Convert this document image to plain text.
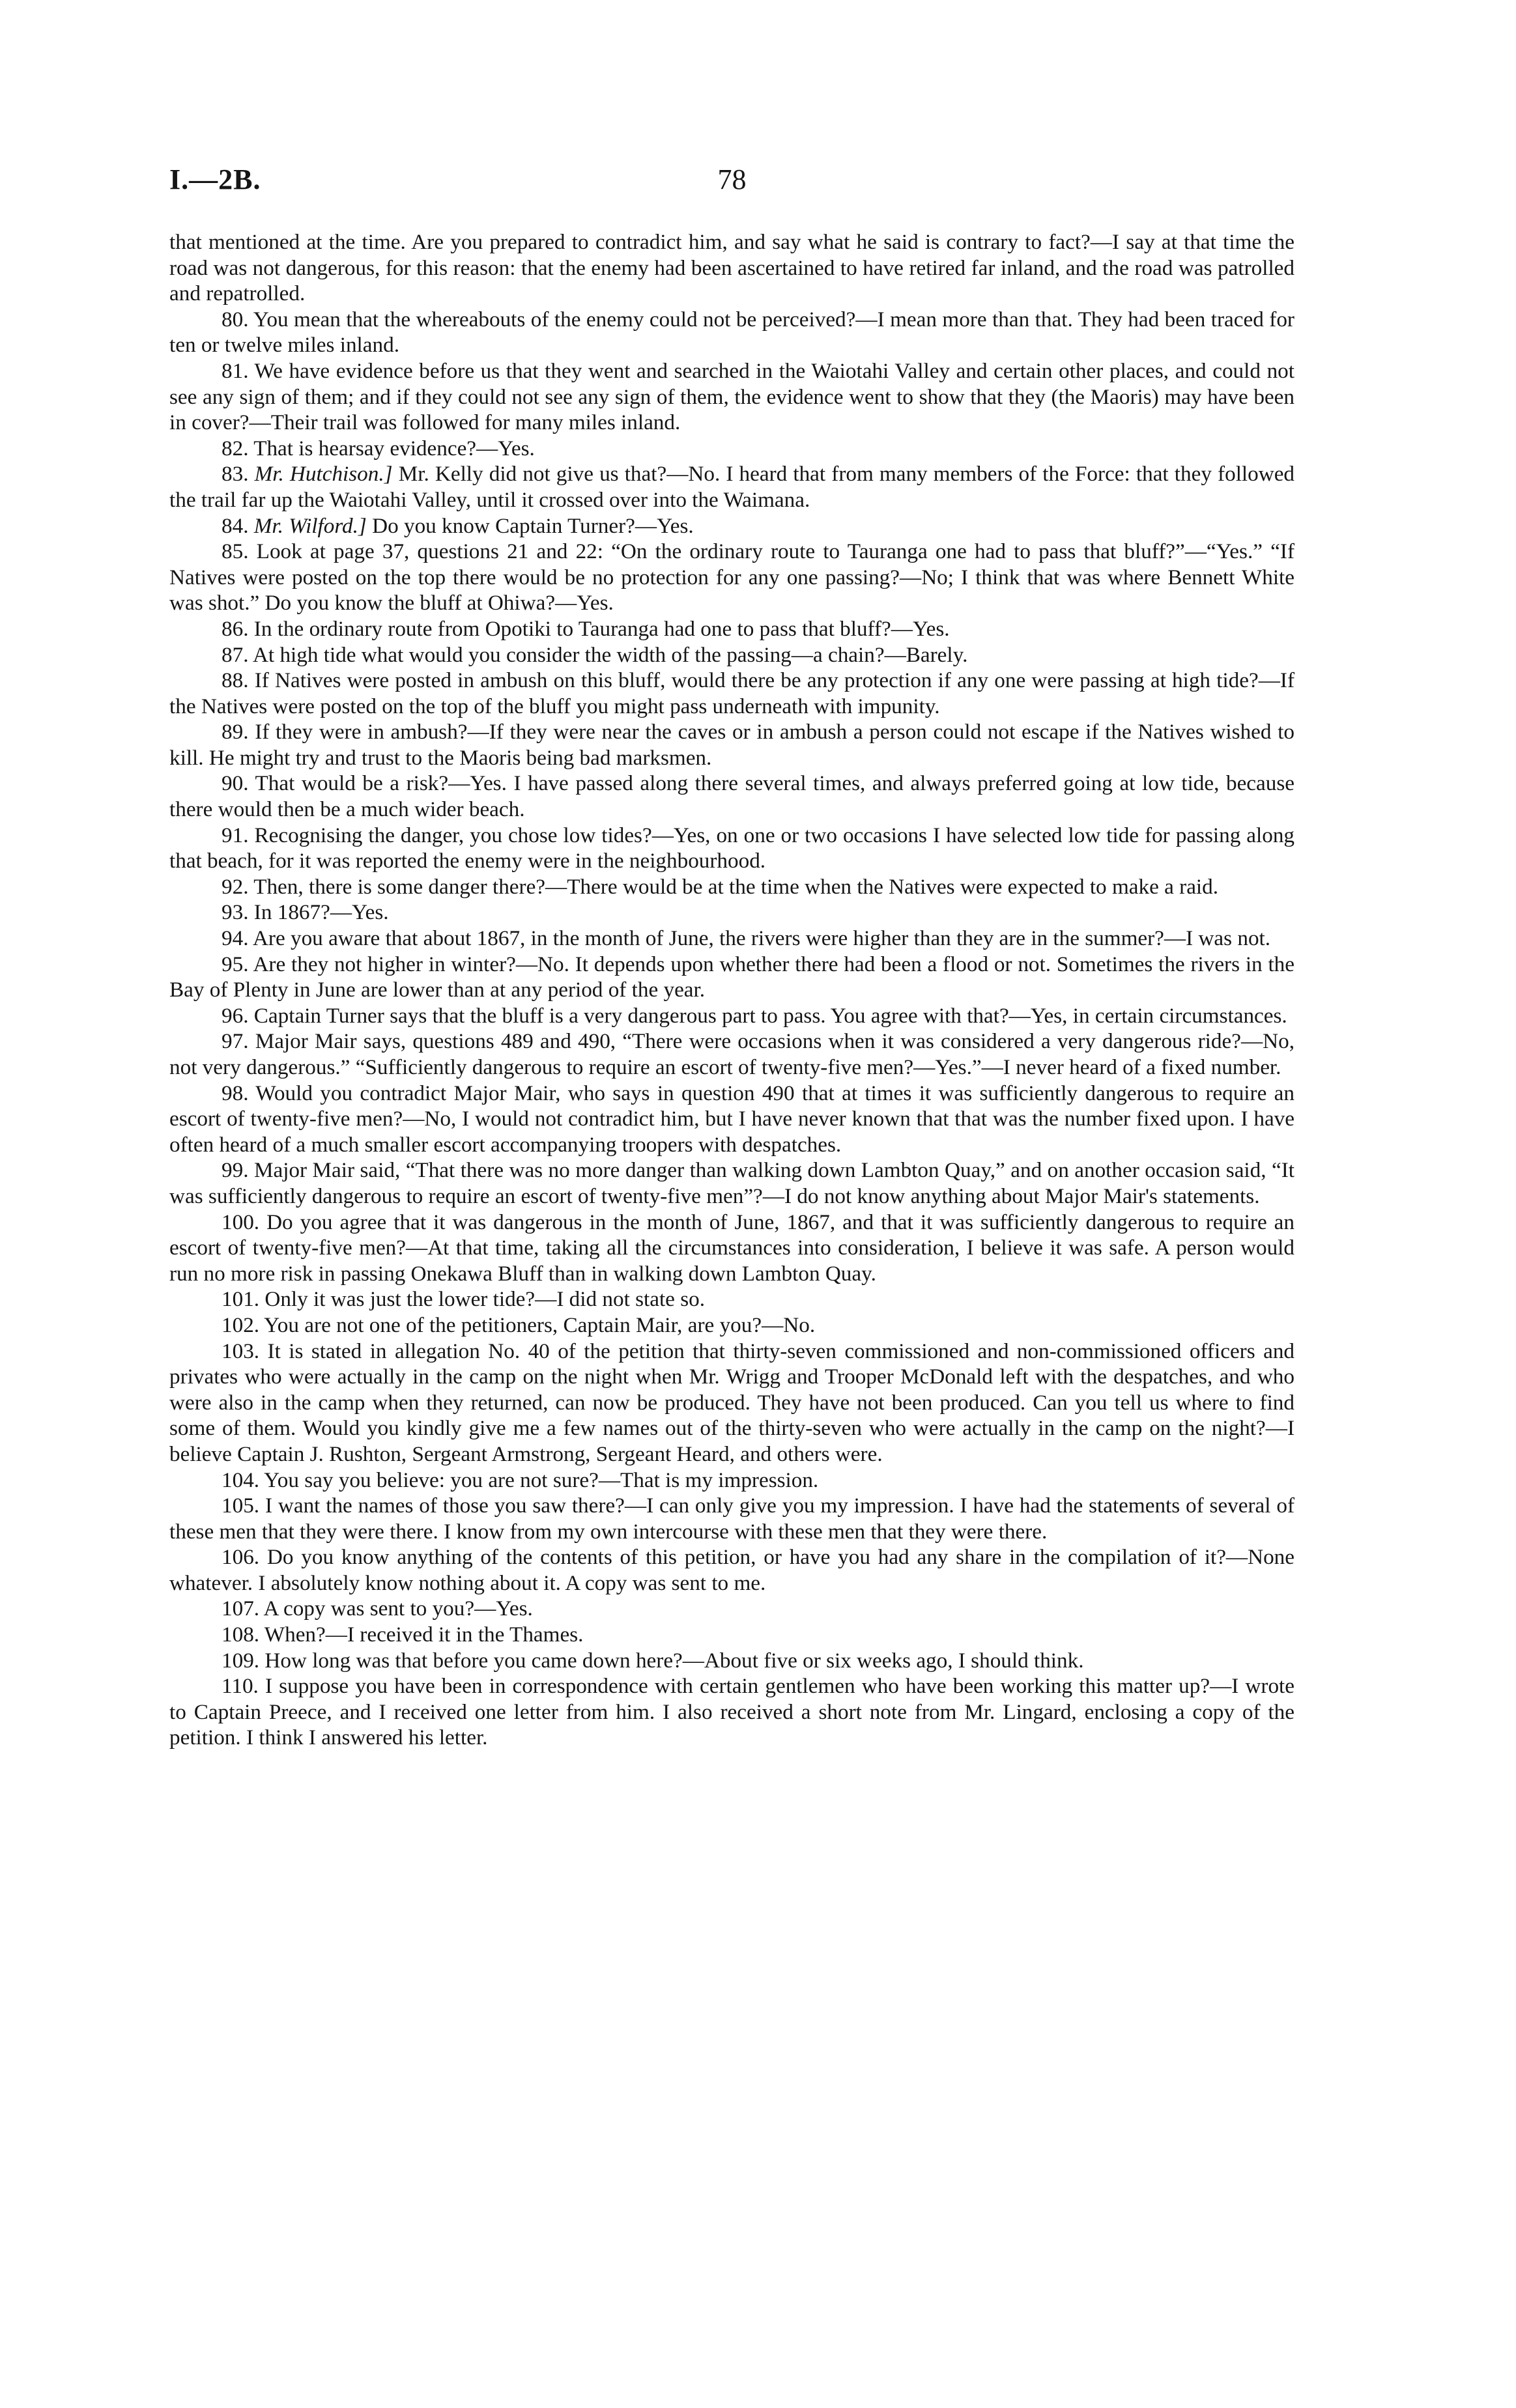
I.—2B.	78

that mentioned at the time. Are you prepared to contradict him, and say what he said is contrary to fact?—I say at that time the road was not dangerous, for this reason: that the enemy had been ascertained to have retired far inland, and the road was patrolled and repatrolled.

80. You mean that the whereabouts of the enemy could not be perceived?—I mean more than that. They had been traced for ten or twelve miles inland.

81. We have evidence before us that they went and searched in the Waiotahi Valley and certain other places, and could not see any sign of them; and if they could not see any sign of them, the evidence went to show that they (the Maoris) may have been in cover?—Their trail was followed for many miles inland.

82. That is hearsay evidence?—Yes.

83. Mr. Hutchison.] Mr. Kelly did not give us that?—No. I heard that from many members of the Force: that they followed the trail far up the Waiotahi Valley, until it crossed over into the Waimana.

84. Mr. Wilford.] Do you know Captain Turner?—Yes.

85. Look at page 37, questions 21 and 22: “On the ordinary route to Tauranga one had to pass that bluff?”—“Yes.” “If Natives were posted on the top there would be no protection for any one passing?—No; I think that was where Bennett White was shot.” Do you know the bluff at Ohiwa?—Yes.

86. In the ordinary route from Opotiki to Tauranga had one to pass that bluff?—Yes.

87. At high tide what would you consider the width of the passing—a chain?—Barely.

88. If Natives were posted in ambush on this bluff, would there be any protection if any one were passing at high tide?—If the Natives were posted on the top of the bluff you might pass underneath with impunity.

89. If they were in ambush?—If they were near the caves or in ambush a person could not escape if the Natives wished to kill. He might try and trust to the Maoris being bad marksmen.

90. That would be a risk?—Yes. I have passed along there several times, and always preferred going at low tide, because there would then be a much wider beach.

91. Recognising the danger, you chose low tides?—Yes, on one or two occasions I have selected low tide for passing along that beach, for it was reported the enemy were in the neighbourhood.

92. Then, there is some danger there?—There would be at the time when the Natives were expected to make a raid.

93. In 1867?—Yes.

94. Are you aware that about 1867, in the month of June, the rivers were higher than they are in the summer?—I was not.

95. Are they not higher in winter?—No. It depends upon whether there had been a flood or not. Sometimes the rivers in the Bay of Plenty in June are lower than at any period of the year.

96. Captain Turner says that the bluff is a very dangerous part to pass. You agree with that?—Yes, in certain circumstances.

97. Major Mair says, questions 489 and 490, “There were occasions when it was considered a very dangerous ride?—No, not very dangerous.” “Sufficiently dangerous to require an escort of twenty-five men?—Yes.”—I never heard of a fixed number.

98. Would you contradict Major Mair, who says in question 490 that at times it was sufficiently dangerous to require an escort of twenty-five men?—No, I would not contradict him, but I have never known that that was the number fixed upon. I have often heard of a much smaller escort accompanying troopers with despatches.

99. Major Mair said, “That there was no more danger than walking down Lambton Quay,” and on another occasion said, “It was sufficiently dangerous to require an escort of twenty-five men”?—I do not know anything about Major Mair's statements.

100. Do you agree that it was dangerous in the month of June, 1867, and that it was sufficiently dangerous to require an escort of twenty-five men?—At that time, taking all the circumstances into consideration, I believe it was safe. A person would run no more risk in passing Onekawa Bluff than in walking down Lambton Quay.

101. Only it was just the lower tide?—I did not state so.

102. You are not one of the petitioners, Captain Mair, are you?—No.

103. It is stated in allegation No. 40 of the petition that thirty-seven commissioned and non-commissioned officers and privates who were actually in the camp on the night when Mr. Wrigg and Trooper McDonald left with the despatches, and who were also in the camp when they returned, can now be produced. They have not been produced. Can you tell us where to find some of them. Would you kindly give me a few names out of the thirty-seven who were actually in the camp on the night?—I believe Captain J. Rushton, Sergeant Armstrong, Sergeant Heard, and others were.

104. You say you believe: you are not sure?—That is my impression.

105. I want the names of those you saw there?—I can only give you my impression. I have had the statements of several of these men that they were there. I know from my own intercourse with these men that they were there.

106. Do you know anything of the contents of this petition, or have you had any share in the compilation of it?—None whatever. I absolutely know nothing about it. A copy was sent to me.

107. A copy was sent to you?—Yes.

108. When?—I received it in the Thames.

109. How long was that before you came down here?—About five or six weeks ago, I should think.

110. I suppose you have been in correspondence with certain gentlemen who have been working this matter up?—I wrote to Captain Preece, and I received one letter from him. I also received a short note from Mr. Lingard, enclosing a copy of the petition. I think I answered his letter.
